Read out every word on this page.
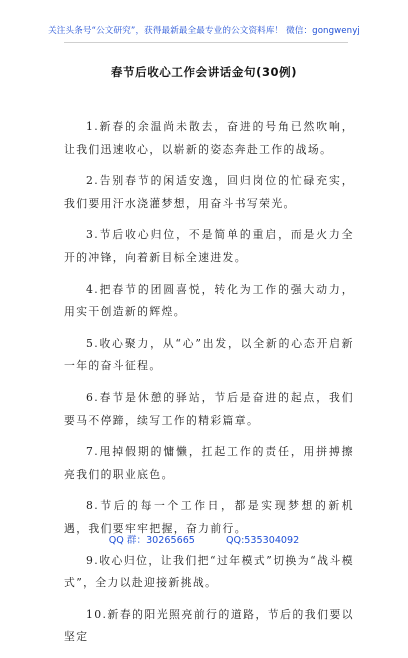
关注头条号“公文研究”，获得最新最全最专业的公文资料库！ 微信：gongwenyj
春节后收心工作会讲话金句(30例)

1.新春的余温尚未散去，奋进的号角已然吹响，让我们迅速收心，以崭新的姿态奔赴工作的战场。

2.告别春节的闲适安逸，回归岗位的忙碌充实，我们要用汗水浇灌梦想，用奋斗书写荣光。

3.节后收心归位，不是简单的重启，而是火力全开的冲锋，向着新目标全速进发。

4.把春节的团圆喜悦，转化为工作的强大动力，用实干创造新的辉煌。

5.收心聚力，从“心”出发，以全新的心态开启新一年的奋斗征程。

6.春节是休憩的驿站，节后是奋进的起点，我们要马不停蹄，续写工作的精彩篇章。

7.甩掉假期的慵懒，扛起工作的责任，用拼搏擦亮我们的职业底色。

8.节后的每一个工作日，都是实现梦想的新机遇，我们要牢牢把握，奋力前行。

9.收心归位，让我们把“过年模式”切换为“战斗模式”，全力以赴迎接新挑战。

10.新春的阳光照亮前行的道路，节后的我们要以坚定

QQ 群：30265665	QQ:535304092
